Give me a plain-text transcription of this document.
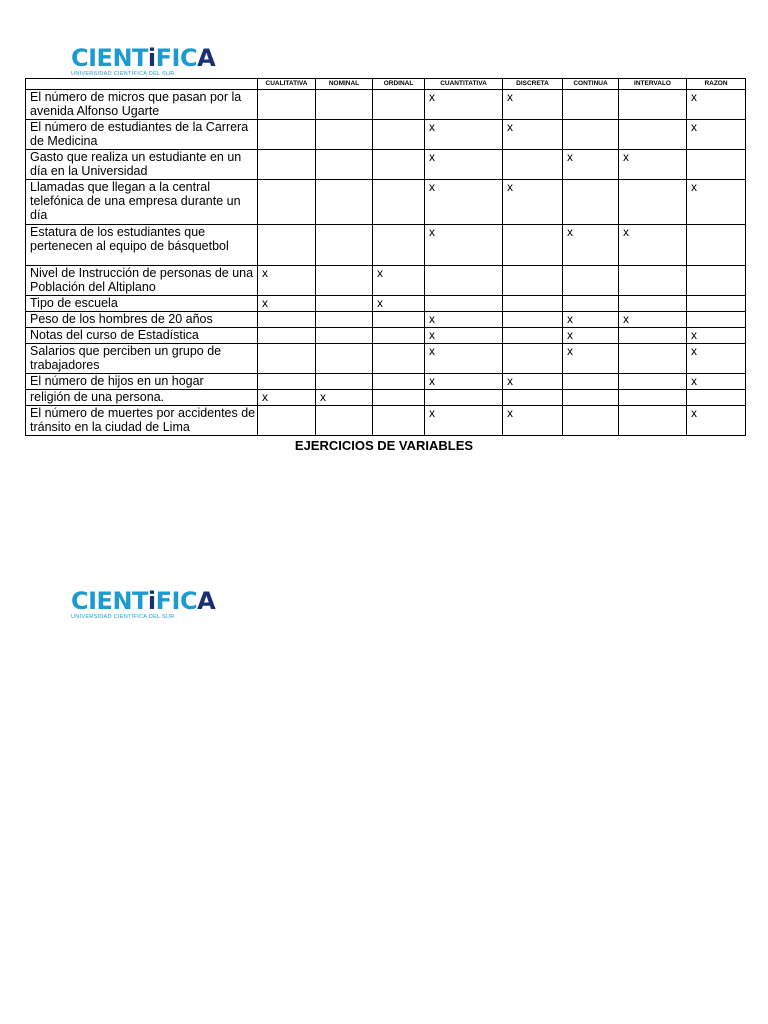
CIENTiFICA
UNIVERSIDAD CIENTÍFICA DEL SUR
	CUALITATIVA	NOMINAL	ORDINAL	CUANTITATIVA	DISCRETA	CONTINUA	INTERVALO	RAZON
El número de micros que pasan por la avenida Alfonso Ugarte				x	x			x
El número de estudiantes de la Carrera de Medicina				x	x			x
Gasto que realiza un estudiante en un día en la Universidad				x		x	x	
Llamadas que llegan a la central telefónica de una empresa durante un día				x	x			x
Estatura de los estudiantes que pertenecen al equipo de básquetbol				x		x	x	
Nivel de Instrucción de personas de una Población del Altiplano	x		x					
Tipo de escuela	x		x					
Peso de los hombres de 20 años				x		x	x	
Notas del curso de Estadística				x		x		x
Salarios que perciben un grupo de trabajadores				x		x		x
El número de hijos en un hogar				x	x			x
religión de una persona.	x	x						
El número de muertes por accidentes de tránsito en la ciudad de Lima				x	x			x
EJERCICIOS DE VARIABLES
CIENTiFICA
UNIVERSIDAD CIENTÍFICA DEL SUR
